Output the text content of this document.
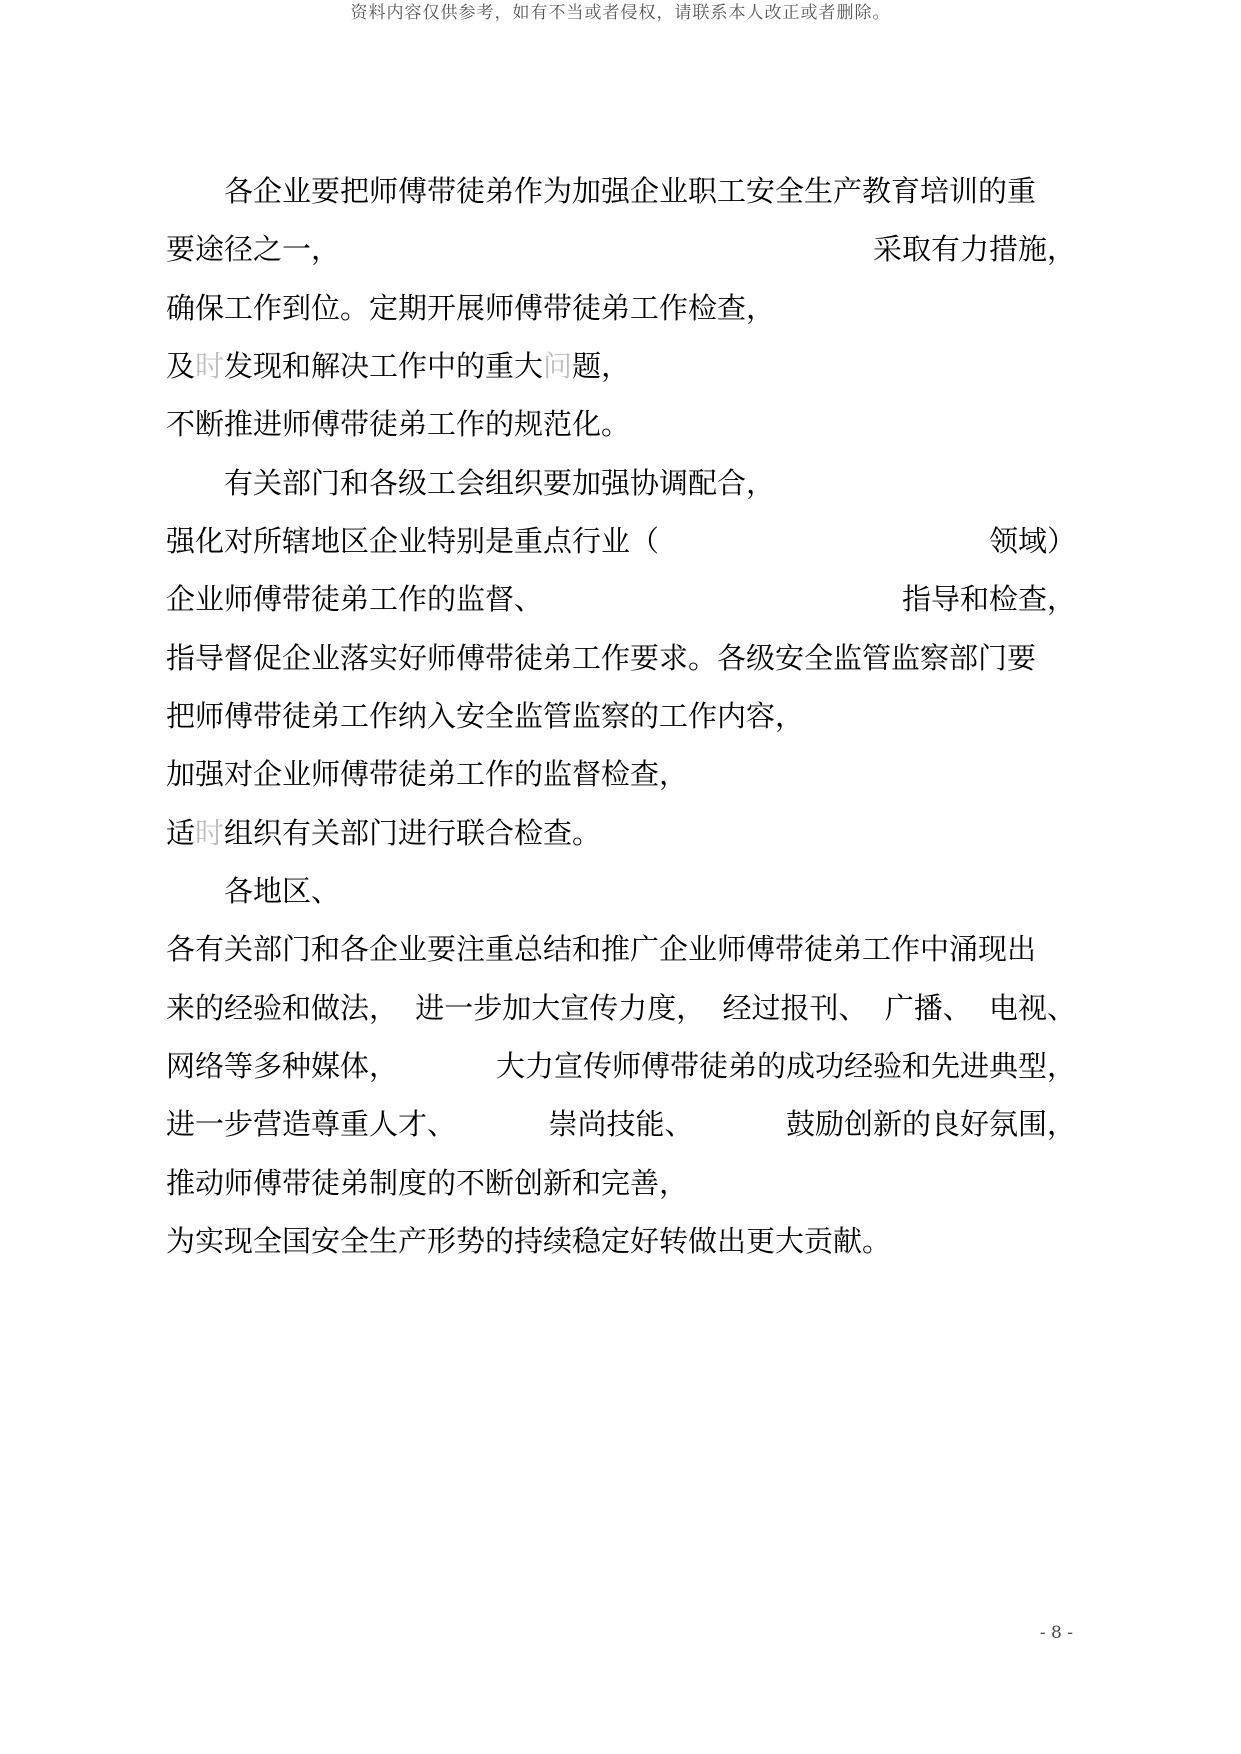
资料内容仅供参考，如有不当或者侵权，请联系本人改正或者删除。
各企业要把师傅带徒弟作为加强企业职工安全生产教育培训的重
要途径之一，	采取有力措施，
确保工作到位。定期开展师傅带徒弟工作检查，
及时发现和解决工作中的重大问题，
不断推进师傅带徒弟工作的规范化。
有关部门和各级工会组织要加强协调配合，
强化对所辖地区企业特别是重点行业（	领域）
企业师傅带徒弟工作的监督、	指导和检查，
指导督促企业落实好师傅带徒弟工作要求。各级安全监管监察部门要
把师傅带徒弟工作纳入安全监管监察的工作内容，
加强对企业师傅带徒弟工作的监督检查，
适时组织有关部门进行联合检查。
各地区、
各有关部门和各企业要注重总结和推广企业师傅带徒弟工作中涌现出
来的经验和做法， 进一步加大宣传力度， 经过报刊、 广播、 电视、
网络等多种媒体，	大力宣传师傅带徒弟的成功经验和先进典型，
进一步营造尊重人才、	崇尚技能、	鼓励创新的良好氛围，
推动师傅带徒弟制度的不断创新和完善，
为实现全国安全生产形势的持续稳定好转做出更大贡献。
- 8 -
